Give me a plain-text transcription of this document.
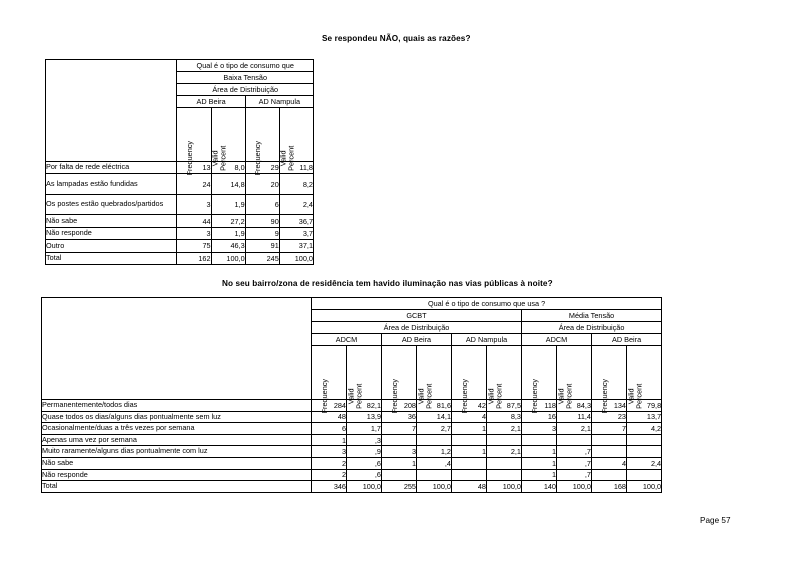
Se respondeu NÃO, quais as razões?
	Qual é o tipo de consumo que			
	Baixa Tensão			
	Área de Distribuição			
	AD Beira		AD Nampula	

	Frequency	Valid Percent	Frequency	Valid Percent

Por falta de rede eléctrica	13	8,0	29	11,8
As lampadas estão fundidas	24	14,8	20	8,2
Os postes estão quebrados/partidos	3	1,9	6	2,4
Não sabe	44	27,2	90	36,7
Não responde	3	1,9	9	3,7
Outro	75	46,3	91	37,1
Total	162	100,0	245	100,0
No seu bairro/zona de residência tem havido iluminação nas vias públicas à noite?
	Qual é o tipo de consumo que usa ?									
	GCBT						Média Tensão			
	Área de Distribuição						Área de Distribuição			
	ADCM		AD Beira		AD Nampula		ADCM		AD Beira	

	Frequency	Valid Percent	Frequency	Valid Percent	Frequency	Valid Percent	Frequency	Valid Percent	Frequency	Valid Percent

Permanentemente/todos dias	284	82,1	208	81,6	42	87,5	118	84,3	134	79,8
Quase todos os dias/alguns dias pontualmente sem luz	48	13,9	36	14,1	4	8,3	16	11,4	23	13,7
Ocasionalmente/duas a três vezes por semana	6	1,7	7	2,7	1	2,1	3	2,1	7	4,2
Apenas uma vez por semana	1	,3								
Muito raramente/alguns dias pontualmente com luz	3	,9	3	1,2	1	2,1	1	,7		
Não sabe	2	,6	1	,4			1	,7	4	2,4
Não responde	2	,6					1	,7		
Total	346	100,0	255	100,0	48	100,0	140	100,0	168	100,0
Page 57
